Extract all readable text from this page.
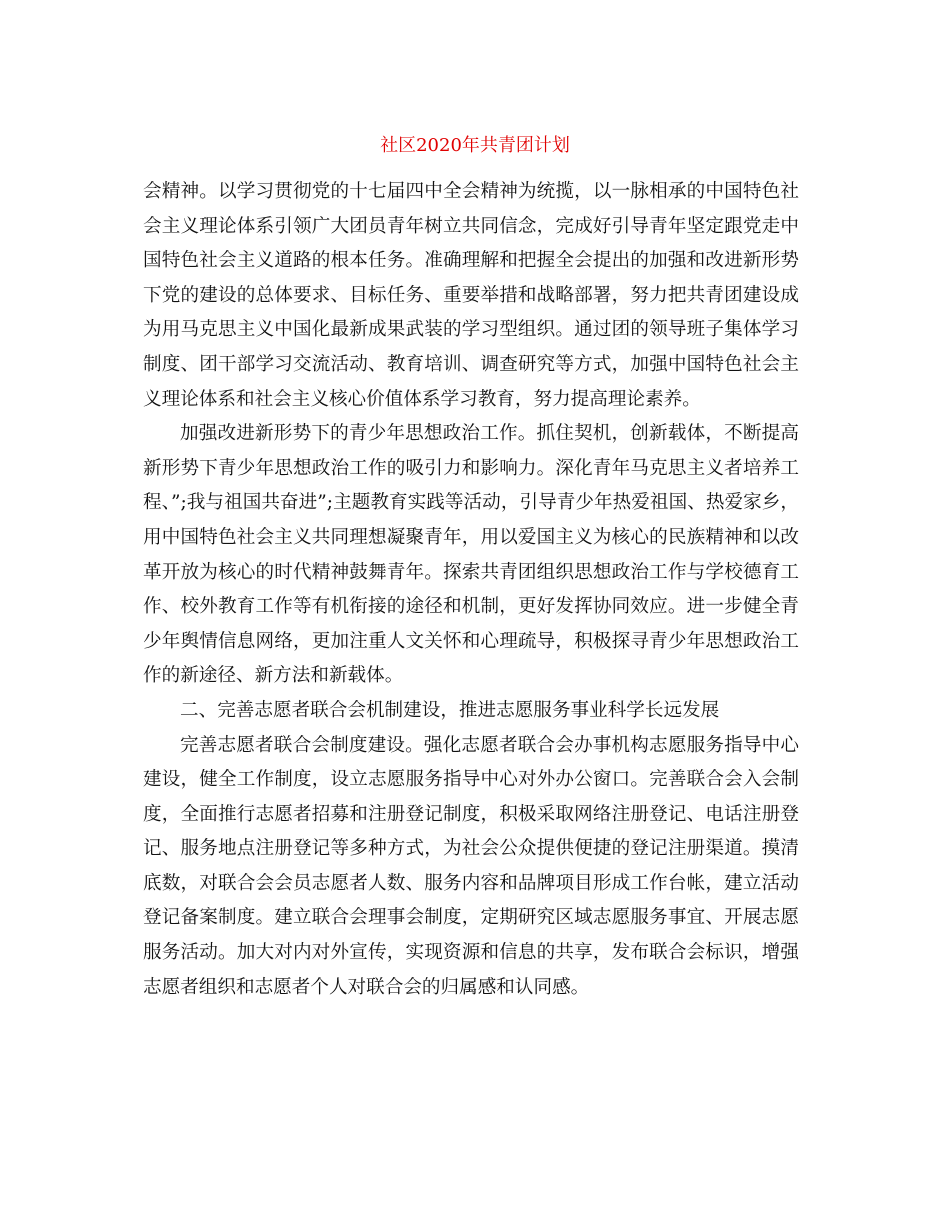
社区2020年共青团计划

会精神。以学习贯彻党的十七届四中全会精神为统揽，以一脉相承的中国特色社会主义理论体系引领广大团员青年树立共同信念，完成好引导青年坚定跟党走中国特色社会主义道路的根本任务。准确理解和把握全会提出的加强和改进新形势下党的建设的总体要求、目标任务、重要举措和战略部署，努力把共青团建设成为用马克思主义中国化最新成果武装的学习型组织。通过团的领导班子集体学习制度、团干部学习交流活动、教育培训、调查研究等方式，加强中国特色社会主义理论体系和社会主义核心价值体系学习教育，努力提高理论素养。

加强改进新形势下的青少年思想政治工作。抓住契机，创新载体，不断提高新形势下青少年思想政治工作的吸引力和影响力。深化青年马克思主义者培养工程、”;我与祖国共奋进”;主题教育实践等活动，引导青少年热爱祖国、热爱家乡，用中国特色社会主义共同理想凝聚青年，用以爱国主义为核心的民族精神和以改革开放为核心的时代精神鼓舞青年。探索共青团组织思想政治工作与学校德育工作、校外教育工作等有机衔接的途径和机制，更好发挥协同效应。进一步健全青少年舆情信息网络，更加注重人文关怀和心理疏导，积极探寻青少年思想政治工作的新途径、新方法和新载体。

二、完善志愿者联合会机制建设，推进志愿服务事业科学长远发展

完善志愿者联合会制度建设。强化志愿者联合会办事机构志愿服务指导中心建设，健全工作制度，设立志愿服务指导中心对外办公窗口。完善联合会入会制度，全面推行志愿者招募和注册登记制度，积极采取网络注册登记、电话注册登记、服务地点注册登记等多种方式，为社会公众提供便捷的登记注册渠道。摸清底数，对联合会会员志愿者人数、服务内容和品牌项目形成工作台帐，建立活动登记备案制度。建立联合会理事会制度，定期研究区域志愿服务事宜、开展志愿服务活动。加大对内对外宣传，实现资源和信息的共享，发布联合会标识，增强志愿者组织和志愿者个人对联合会的归属感和认同感。
